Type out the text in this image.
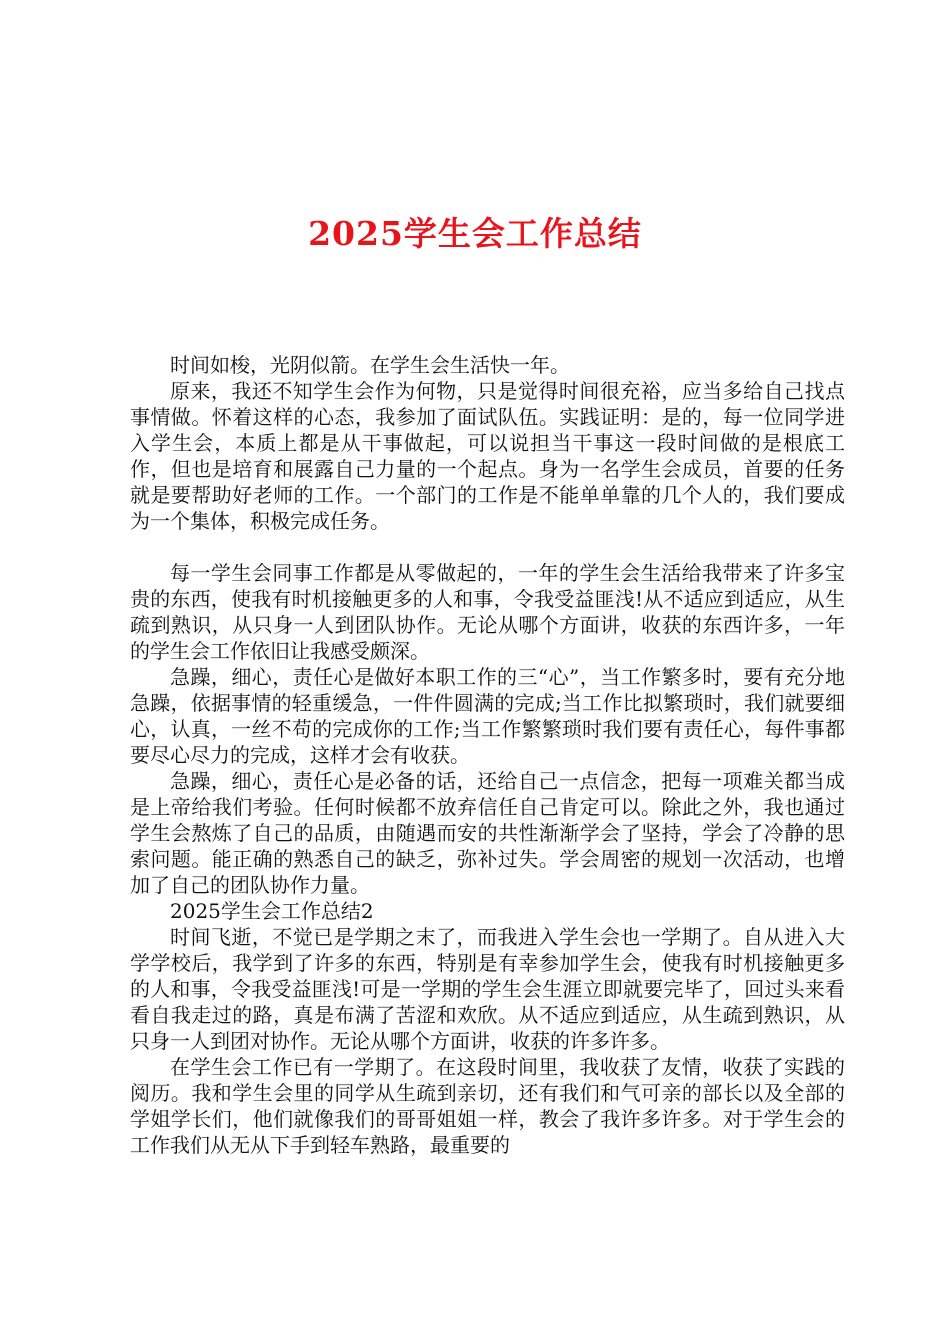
2025学生会工作总结

时间如梭，光阴似箭。在学生会生活快一年。

原来，我还不知学生会作为何物，只是觉得时间很充裕，应当多给自己找点事情做。怀着这样的心态，我参加了面试队伍。实践证明：是的，每一位同学进入学生会，本质上都是从干事做起，可以说担当干事这一段时间做的是根底工作，但也是培育和展露自己力量的一个起点。身为一名学生会成员，首要的任务就是要帮助好老师的工作。一个部门的工作是不能单单靠的几个人的，我们要成为一个集体，积极完成任务。

每一学生会同事工作都是从零做起的，一年的学生会生活给我带来了许多宝贵的东西，使我有时机接触更多的人和事，令我受益匪浅!从不适应到适应，从生疏到熟识，从只身一人到团队协作。无论从哪个方面讲，收获的东西许多，一年的学生会工作依旧让我感受颇深。

急躁，细心，责任心是做好本职工作的三“心”，当工作繁多时，要有充分地急躁，依据事情的轻重缓急，一件件圆满的完成;当工作比拟繁琐时，我们就要细心，认真，一丝不苟的完成你的工作;当工作繁繁琐时我们要有责任心，每件事都要尽心尽力的完成，这样才会有收获。

急躁，细心，责任心是必备的话，还给自己一点信念，把每一项难关都当成是上帝给我们考验。任何时候都不放弃信任自己肯定可以。除此之外，我也通过学生会熬炼了自己的品质，由随遇而安的共性渐渐学会了坚持，学会了冷静的思索问题。能正确的熟悉自己的缺乏，弥补过失。学会周密的规划一次活动，也增加了自己的团队协作力量。

2025学生会工作总结2

时间飞逝，不觉已是学期之末了，而我进入学生会也一学期了。自从进入大学学校后，我学到了许多的东西，特别是有幸参加学生会，使我有时机接触更多的人和事，令我受益匪浅!可是一学期的学生会生涯立即就要完毕了，回过头来看看自我走过的路，真是布满了苦涩和欢欣。从不适应到适应，从生疏到熟识，从只身一人到团对协作。无论从哪个方面讲，收获的许多许多。

在学生会工作已有一学期了。在这段时间里，我收获了友情，收获了实践的阅历。我和学生会里的同学从生疏到亲切，还有我们和气可亲的部长以及全部的学姐学长们，他们就像我们的哥哥姐姐一样，教会了我许多许多。对于学生会的工作我们从无从下手到轻车熟路，最重要的
